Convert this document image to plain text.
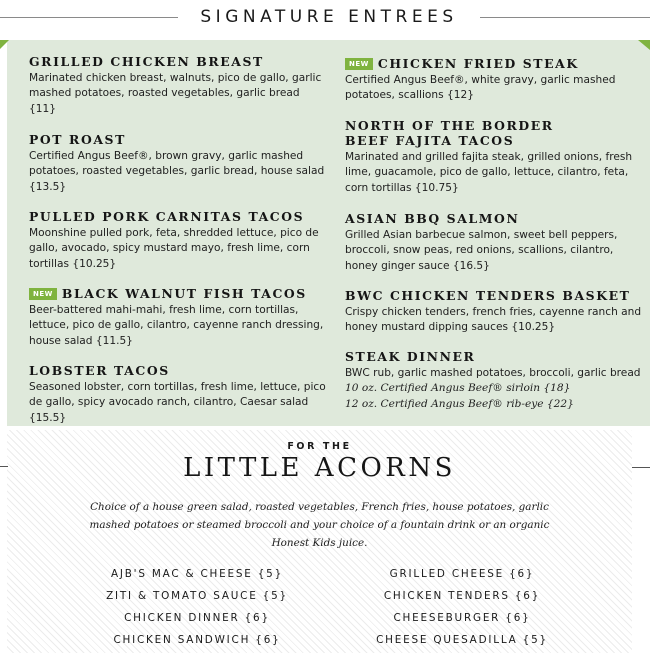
SIGNATURE ENTREES
GRILLED CHICKEN BREAST
Marinated chicken breast, walnuts, pico de gallo, garlic mashed potatoes, roasted vegetables, garlic bread {11}
POT ROAST
Certified Angus Beef®, brown gravy, garlic mashed potatoes, roasted vegetables, garlic bread, house salad {13.5}
PULLED PORK CARNITAS TACOS
Moonshine pulled pork, feta, shredded lettuce, pico de gallo, avocado, spicy mustard mayo, fresh lime, corn tortillas {10.25}
NEW BLACK WALNUT FISH TACOS
Beer-battered mahi-mahi, fresh lime, corn tortillas, lettuce, pico de gallo, cilantro, cayenne ranch dressing, house salad {11.5}
LOBSTER TACOS
Seasoned lobster, corn tortillas, fresh lime, lettuce, pico de gallo, spicy avocado ranch, cilantro, Caesar salad {15.5}
NEW CHICKEN FRIED STEAK
Certified Angus Beef®, white gravy, garlic mashed potatoes, scallions {12}
NORTH OF THE BORDER
BEEF FAJITA TACOS
Marinated and grilled fajita steak, grilled onions, fresh lime, guacamole, pico de gallo, lettuce, cilantro, feta, corn tortillas {10.75}
ASIAN BBQ SALMON
Grilled Asian barbecue salmon, sweet bell peppers, broccoli, snow peas, red onions, scallions, cilantro, honey ginger sauce {16.5}
BWC CHICKEN TENDERS BASKET
Crispy chicken tenders, french fries, cayenne ranch and honey mustard dipping sauces {10.25}
STEAK DINNER
BWC rub, garlic mashed potatoes, broccoli, garlic bread
10 oz. Certified Angus Beef® sirloin {18}
12 oz. Certified Angus Beef® rib-eye {22}
FOR THE
LITTLE ACORNS
Choice of a house green salad, roasted vegetables, French fries, house potatoes, garlic mashed potatoes or steamed broccoli and your choice of a fountain drink or an organic Honest Kids juice.
AJB'S MAC & CHEESE {5}
ZITI & TOMATO SAUCE {5}
CHICKEN DINNER {6}
CHICKEN SANDWICH {6}
GRILLED CHEESE {6}
CHICKEN TENDERS {6}
CHEESEBURGER {6}
CHEESE QUESADILLA {5}
